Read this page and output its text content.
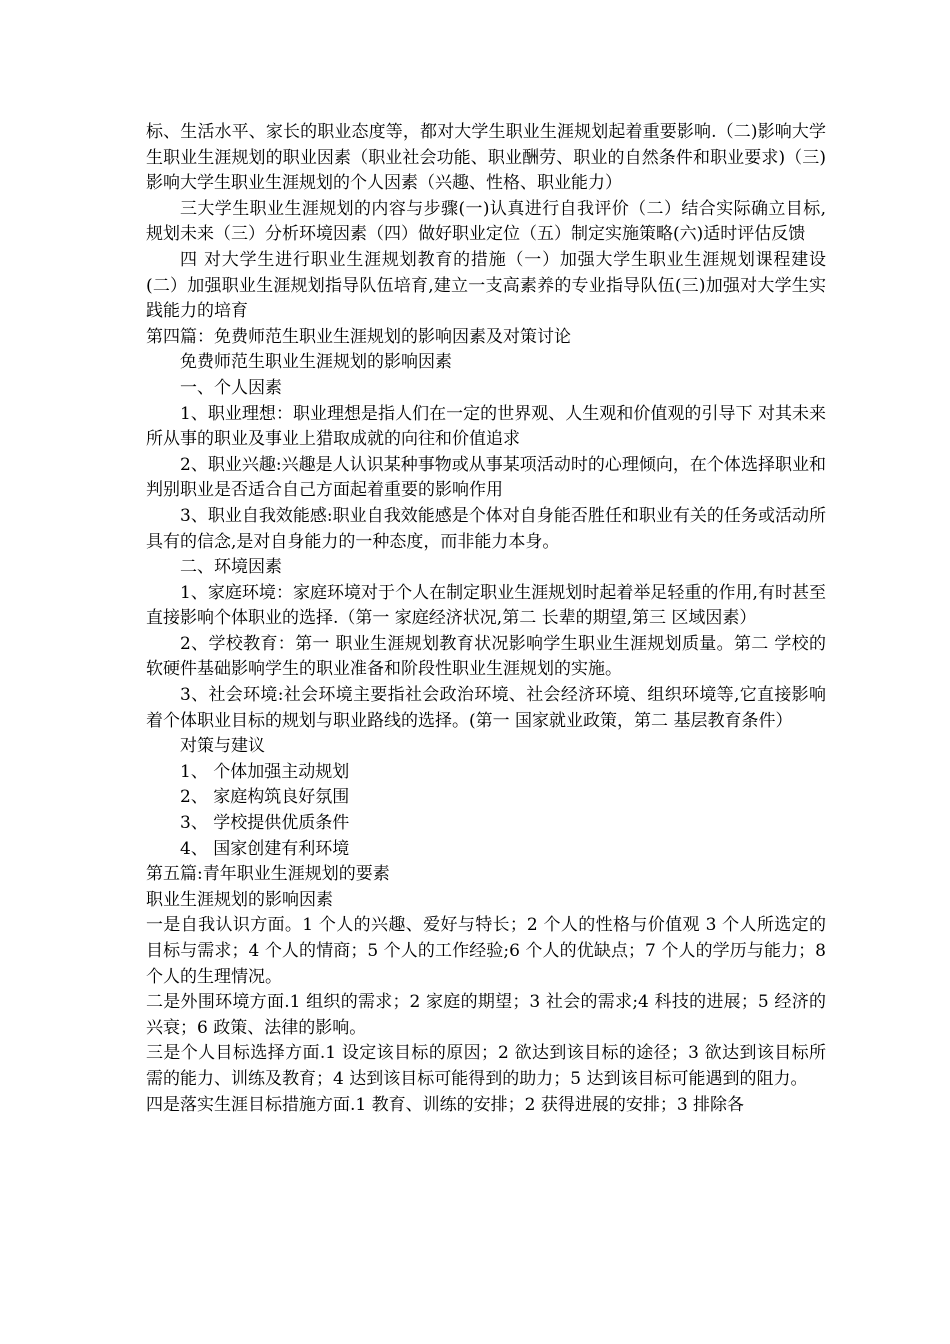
标、生活水平、家长的职业态度等，都对大学生职业生涯规划起着重要影响.（二)影响大学生职业生涯规划的职业因素（职业社会功能、职业酬劳、职业的自然条件和职业要求)（三)影响大学生职业生涯规划的个人因素（兴趣、性格、职业能力）

三大学生职业生涯规划的内容与步骤(一)认真进行自我评价（二）结合实际确立目标,规划未来（三）分析环境因素（四）做好职业定位（五）制定实施策略(六)适时评估反馈

四 对大学生进行职业生涯规划教育的措施（一）加强大学生职业生涯规划课程建设(二）加强职业生涯规划指导队伍培育,建立一支高素养的专业指导队伍(三)加强对大学生实践能力的培育

第四篇：免费师范生职业生涯规划的影响因素及对策讨论

免费师范生职业生涯规划的影响因素

一、个人因素

1、职业理想：职业理想是指人们在一定的世界观、人生观和价值观的引导下 对其未来所从事的职业及事业上猎取成就的向往和价值追求

2、职业兴趣:兴趣是人认识某种事物或从事某项活动时的心理倾向，在个体选择职业和判别职业是否适合自己方面起着重要的影响作用

3、职业自我效能感:职业自我效能感是个体对自身能否胜任和职业有关的任务或活动所具有的信念,是对自身能力的一种态度，而非能力本身。

二、环境因素

1、家庭环境：家庭环境对于个人在制定职业生涯规划时起着举足轻重的作用,有时甚至直接影响个体职业的选择.（第一 家庭经济状况,第二 长辈的期望,第三 区域因素）

2、学校教育：第一 职业生涯规划教育状况影响学生职业生涯规划质量。第二 学校的软硬件基础影响学生的职业准备和阶段性职业生涯规划的实施。

3、社会环境:社会环境主要指社会政治环境、社会经济环境、组织环境等,它直接影响着个体职业目标的规划与职业路线的选择。(第一 国家就业政策，第二 基层教育条件）

对策与建议

1、 个体加强主动规划

2、 家庭构筑良好氛围

3、 学校提供优质条件

4、 国家创建有利环境

第五篇:青年职业生涯规划的要素

职业生涯规划的影响因素

一是自我认识方面。1 个人的兴趣、爱好与特长；2 个人的性格与价值观 3 个人所选定的目标与需求；4 个人的情商；5 个人的工作经验;6 个人的优缺点；7 个人的学历与能力；8 个人的生理情况。

二是外围环境方面.1 组织的需求；2 家庭的期望；3 社会的需求;4 科技的进展；5 经济的兴衰；6 政策、法律的影响。

三是个人目标选择方面.1 设定该目标的原因；2 欲达到该目标的途径；3 欲达到该目标所需的能力、训练及教育；4 达到该目标可能得到的助力；5 达到该目标可能遇到的阻力。

四是落实生涯目标措施方面.1 教育、训练的安排；2 获得进展的安排；3 排除各
